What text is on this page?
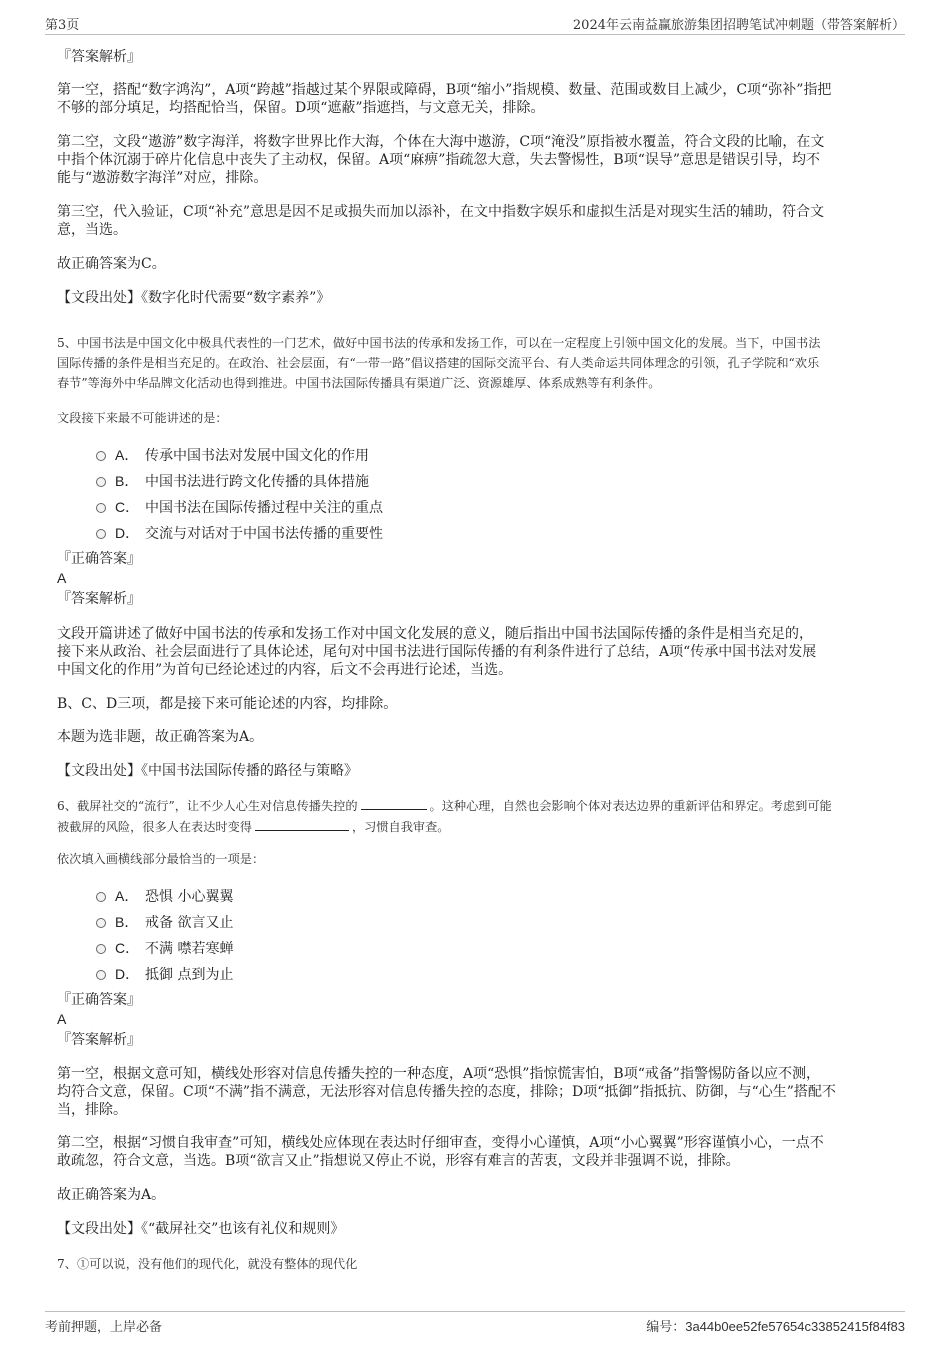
第3页	2024年云南益赢旅游集团招聘笔试冲刺题（带答案解析）
『答案解析』
第一空，搭配“数字鸿沟”，A项“跨越”指越过某个界限或障碍，B项“缩小”指规模、数量、范围或数目上减少，C项“弥补”指把
不够的部分填足，均搭配恰当，保留。D项“遮蔽”指遮挡，与文意无关，排除。
第二空，文段“遨游”数字海洋，将数字世界比作大海，个体在大海中遨游，C项“淹没”原指被水覆盖，符合文段的比喻，在文
中指个体沉溺于碎片化信息中丧失了主动权，保留。A项“麻痹”指疏忽大意，失去警惕性，B项“误导”意思是错误引导，均不
能与“遨游数字海洋”对应，排除。
第三空，代入验证，C项“补充”意思是因不足或损失而加以添补，在文中指数字娱乐和虚拟生活是对现实生活的辅助，符合文
意，当选。
故正确答案为C。
【文段出处】《数字化时代需要“数字素养”》
5、中国书法是中国文化中极具代表性的一门艺术，做好中国书法的传承和发扬工作，可以在一定程度上引领中国文化的发展。当下，中国书法
国际传播的条件是相当充足的。在政治、社会层面，有“一带一路”倡议搭建的国际交流平台、有人类命运共同体理念的引领，孔子学院和“欢乐
春节”等海外中华品牌文化活动也得到推进。中国书法国际传播具有渠道广泛、资源雄厚、体系成熟等有利条件。
文段接下来最不可能讲述的是：
A． 传承中国书法对发展中国文化的作用
B． 中国书法进行跨文化传播的具体措施
C． 中国书法在国际传播过程中关注的重点
D． 交流与对话对于中国书法传播的重要性
『正确答案』
A
『答案解析』
文段开篇讲述了做好中国书法的传承和发扬工作对中国文化发展的意义，随后指出中国书法国际传播的条件是相当充足的，
接下来从政治、社会层面进行了具体论述，尾句对中国书法进行国际传播的有利条件进行了总结，A项“传承中国书法对发展
中国文化的作用”为首句已经论述过的内容，后文不会再进行论述，当选。
B、C、D三项，都是接下来可能论述的内容，均排除。
本题为选非题，故正确答案为A。
【文段出处】《中国书法国际传播的路径与策略》
6、截屏社交的“流行”，让不少人心生对信息传播失控的	。这种心理，自然也会影响个体对表达边界的重新评估和界定。考虑到可能
被截屏的风险，很多人在表达时变得	，习惯自我审查。
依次填入画横线部分最恰当的一项是：
A． 恐惧 小心翼翼
B． 戒备 欲言又止
C． 不满 噤若寒蝉
D． 抵御 点到为止
『正确答案』
A
『答案解析』
第一空，根据文意可知，横线处形容对信息传播失控的一种态度，A项“恐惧”指惊慌害怕，B项“戒备”指警惕防备以应不测，
均符合文意，保留。C项“不满”指不满意，无法形容对信息传播失控的态度，排除；D项“抵御”指抵抗、防御，与“心生”搭配不
当，排除。
第二空，根据“习惯自我审查”可知，横线处应体现在表达时仔细审查，变得小心谨慎，A项“小心翼翼”形容谨慎小心，一点不
敢疏忽，符合文意，当选。B项“欲言又止”指想说又停止不说，形容有难言的苦衷，文段并非强调不说，排除。
故正确答案为A。
【文段出处】《“截屏社交”也该有礼仪和规则》
7、①可以说，没有他们的现代化，就没有整体的现代化
考前押题，上岸必备	编号：3a44b0ee52fe57654c33852415f84f83
